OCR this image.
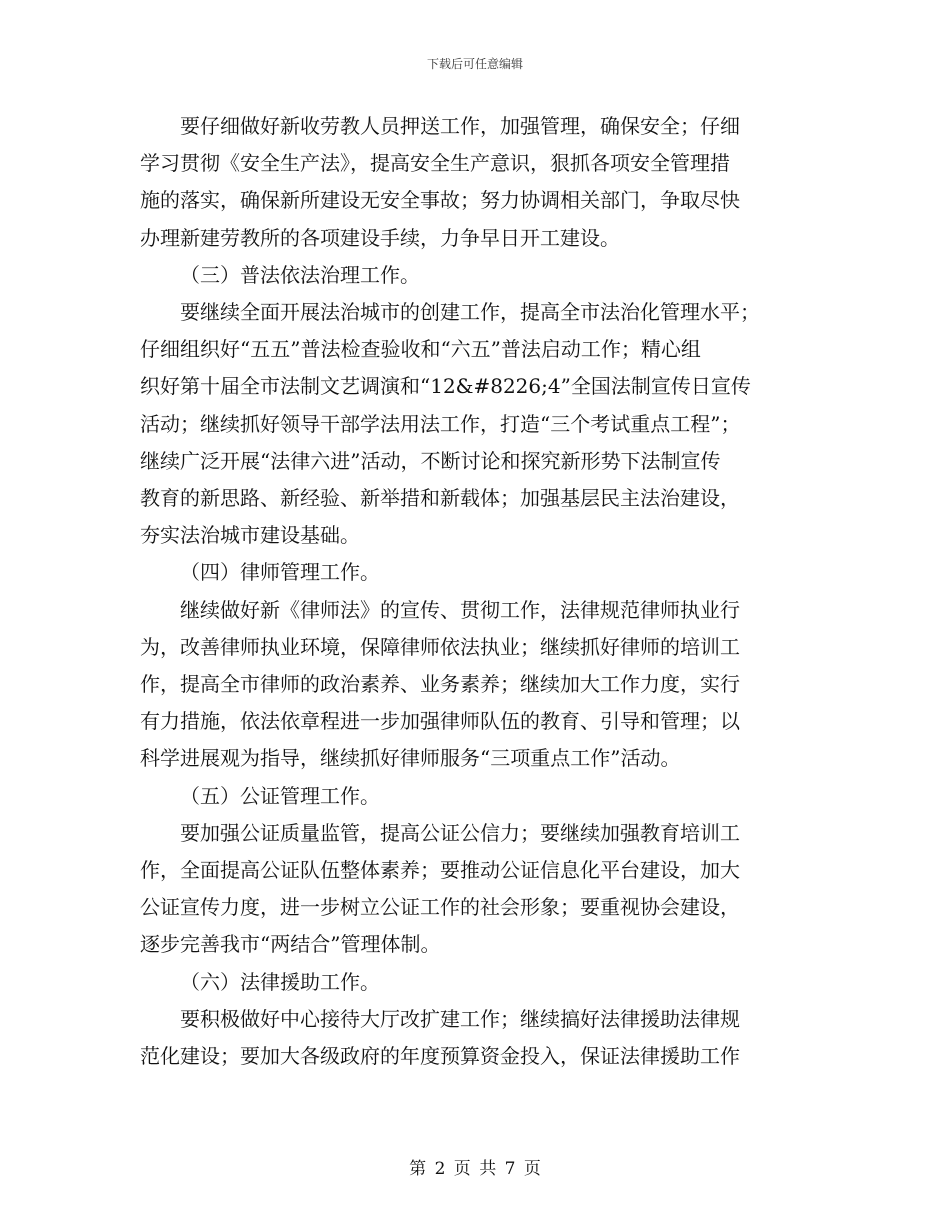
下载后可任意编辑

要仔细做好新收劳教人员押送工作，加强管理，确保安全；仔细

学习贯彻《安全生产法》，提高安全生产意识，狠抓各项安全管理措

施的落实，确保新所建设无安全事故；努力协调相关部门，争取尽快

办理新建劳教所的各项建设手续，力争早日开工建设。

（三）普法依法治理工作。

要继续全面开展法治城市的创建工作，提高全市法治化管理水平；

仔细组织好“五五”普法检查验收和“六五”普法启动工作；精心组

织好第十届全市法制文艺调演和“12&#8226;4”全国法制宣传日宣传

活动；继续抓好领导干部学法用法工作，打造“三个考试重点工程”；

继续广泛开展“法律六进”活动，不断讨论和探究新形势下法制宣传

教育的新思路、新经验、新举措和新载体；加强基层民主法治建设，

夯实法治城市建设基础。

（四）律师管理工作。

继续做好新《律师法》的宣传、贯彻工作，法律规范律师执业行

为，改善律师执业环境，保障律师依法执业；继续抓好律师的培训工

作，提高全市律师的政治素养、业务素养；继续加大工作力度，实行

有力措施，依法依章程进一步加强律师队伍的教育、引导和管理；以

科学进展观为指导，继续抓好律师服务“三项重点工作”活动。

（五）公证管理工作。

要加强公证质量监管，提高公证公信力；要继续加强教育培训工

作，全面提高公证队伍整体素养；要推动公证信息化平台建设，加大

公证宣传力度，进一步树立公证工作的社会形象；要重视协会建设，

逐步完善我市“两结合”管理体制。

（六）法律援助工作。

要积极做好中心接待大厅改扩建工作；继续搞好法律援助法律规

范化建设；要加大各级政府的年度预算资金投入，保证法律援助工作

第 2 页 共 7 页
